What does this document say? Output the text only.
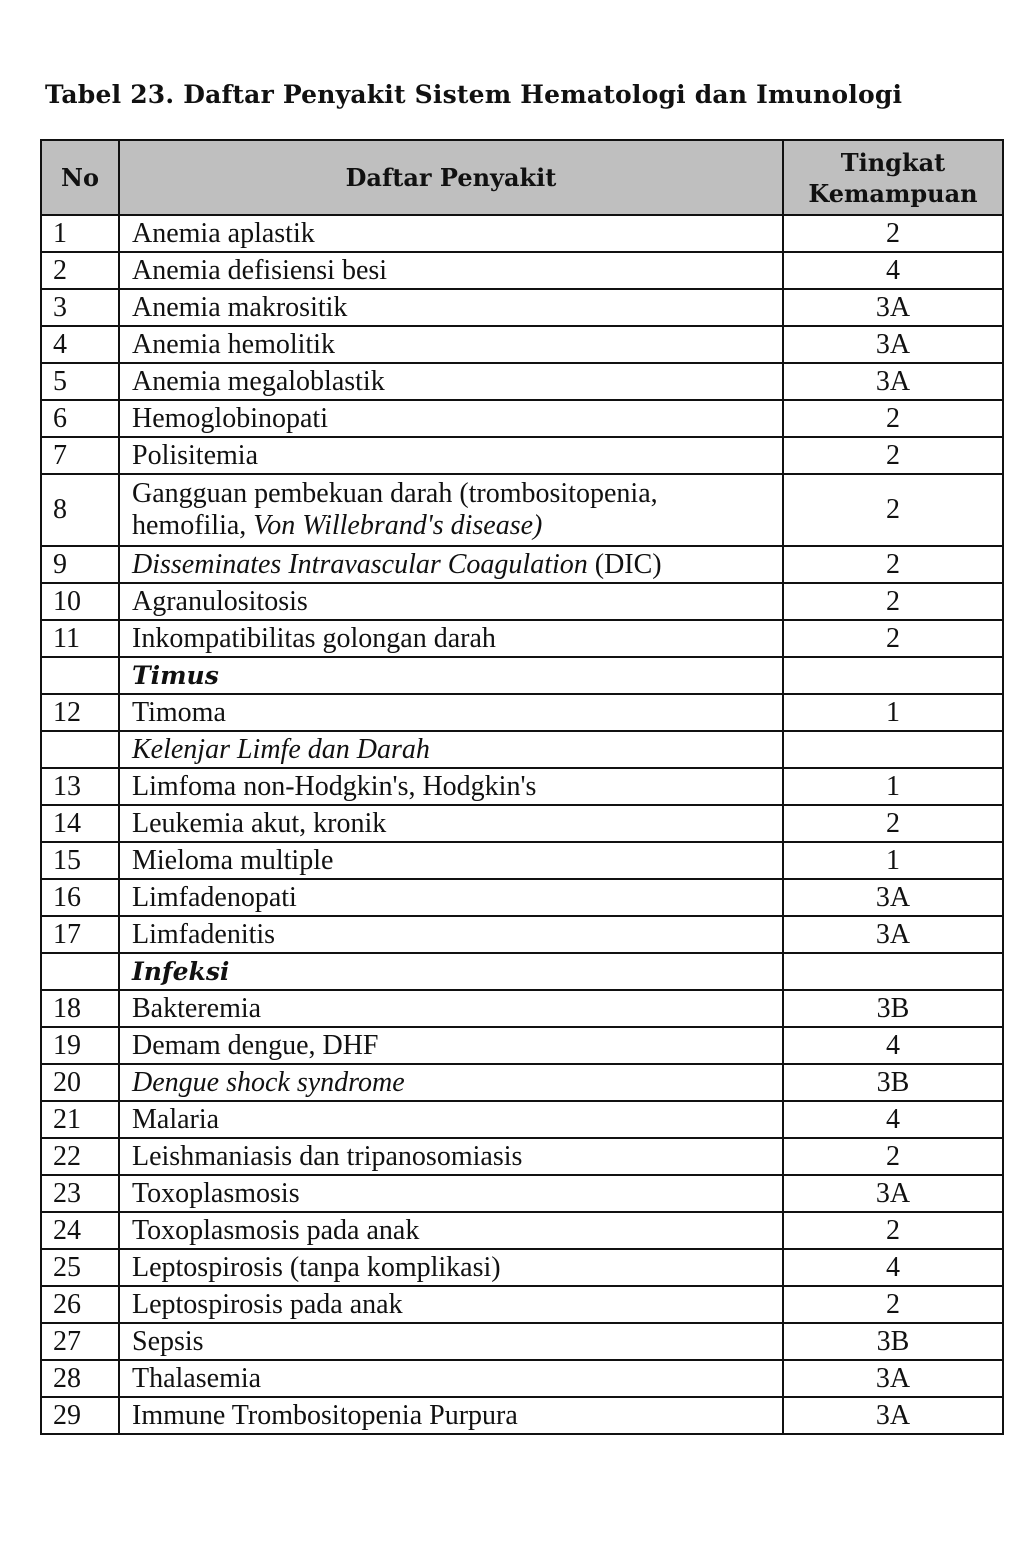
Tabel 23. Daftar Penyakit Sistem Hematologi dan Imunologi
No	Daftar Penyakit	Tingkat
Kemampuan
1	Anemia aplastik	2
2	Anemia defisiensi besi	4
3	Anemia makrositik	3A
4	Anemia hemolitik	3A
5	Anemia megaloblastik	3A
6	Hemoglobinopati	2
7	Polisitemia	2
8	Gangguan pembekuan darah (trombositopenia,
hemofilia, Von Willebrand's disease)	2
9	Disseminates Intravascular Coagulation (DIC)	2
10	Agranulositosis	2
11	Inkompatibilitas golongan darah	2
	Timus	
12	Timoma	1
	Kelenjar Limfe dan Darah	
13	Limfoma non-Hodgkin's, Hodgkin's	1
14	Leukemia akut, kronik	2
15	Mieloma multiple	1
16	Limfadenopati	3A
17	Limfadenitis	3A
	Infeksi	
18	Bakteremia	3B
19	Demam dengue, DHF	4
20	Dengue shock syndrome	3B
21	Malaria	4
22	Leishmaniasis dan tripanosomiasis	2
23	Toxoplasmosis	3A
24	Toxoplasmosis pada anak	2
25	Leptospirosis (tanpa komplikasi)	4
26	Leptospirosis pada anak	2
27	Sepsis	3B
28	Thalasemia	3A
29	Immune Trombositopenia Purpura	3A
